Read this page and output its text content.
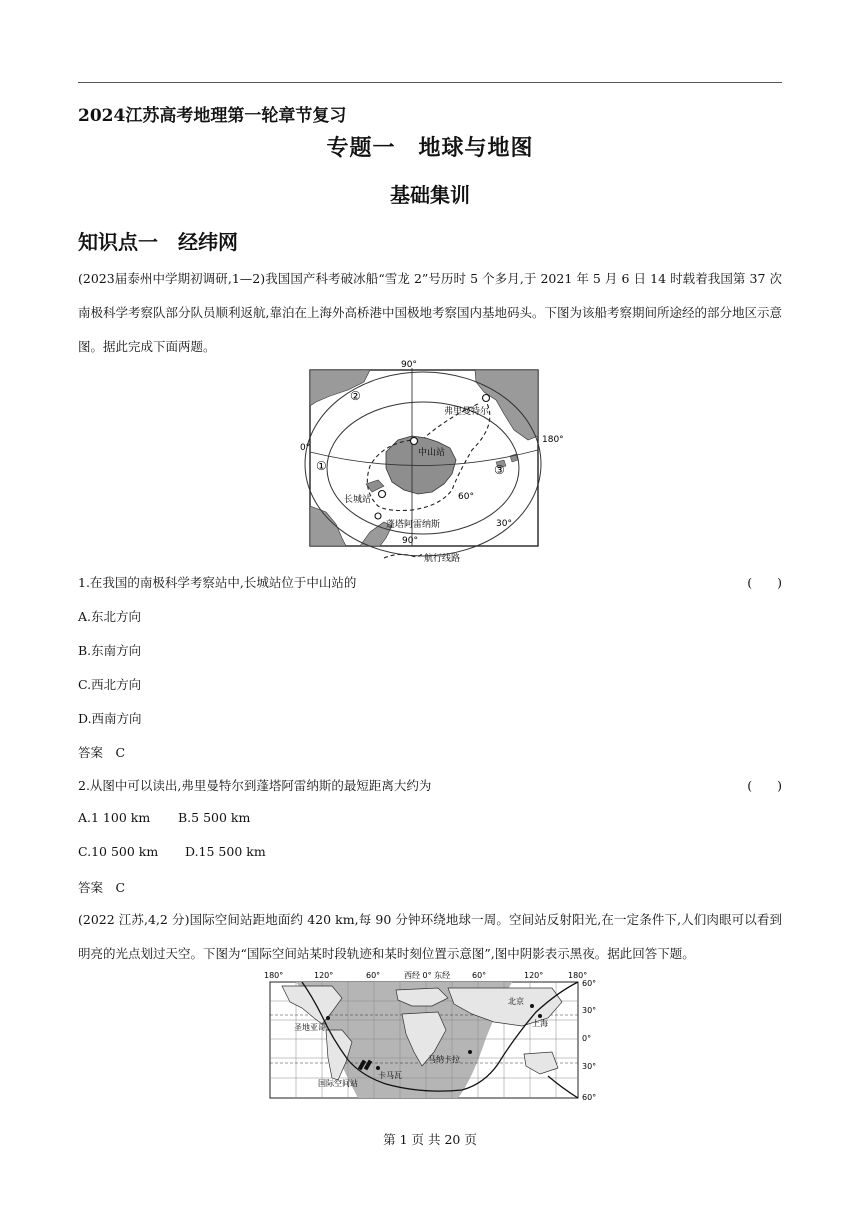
2024江苏高考地理第一轮章节复习
专题一　地球与地图
基础集训
知识点一　经纬网
(2023届泰州中学期初调研,1—2)我国国产科考破冰船“雪龙 2”号历时 5 个多月,于 2021 年 5 月 6 日 14 时载着我国第 37 次南极科学考察队部分队员顺利返航,靠泊在上海外高桥港中国极地考察国内基地码头。下图为该船考察期间所途经的部分地区示意图。据此完成下面两题。
90°
90°
0°
180°
60°
30°
①
②
③
弗里曼特尔
中山站
长城站
蓬塔阿雷纳斯
航行线路
1.在我国的南极科学考察站中,长城站位于中山站的	(　　)
A.东北方向
B.东南方向
C.西北方向
D.西南方向
答案　C
2.从图中可以读出,弗里曼特尔到蓬塔阿雷纳斯的最短距离大约为	(　　)
A.1 100 km B.5 500 km
C.10 500 km D.15 500 km
答案　C
(2022 江苏,4,2 分)国际空间站距地面约 420 km,每 90 分钟环绕地球一周。空间站反射阳光,在一定条件下,人们肉眼可以看到明亮的光点划过天空。下图为“国际空间站某时段轨迹和某时刻位置示意图”,图中阴影表示黑夜。据此回答下题。
180°	120°	60°	西经 0° 东经	60°	120°	180°
圣地亚哥
国际空间站
卡马瓦
北京
上海
马纳卡拉
60°
30°
0°
30°
60°
第 1 页 共 20 页
